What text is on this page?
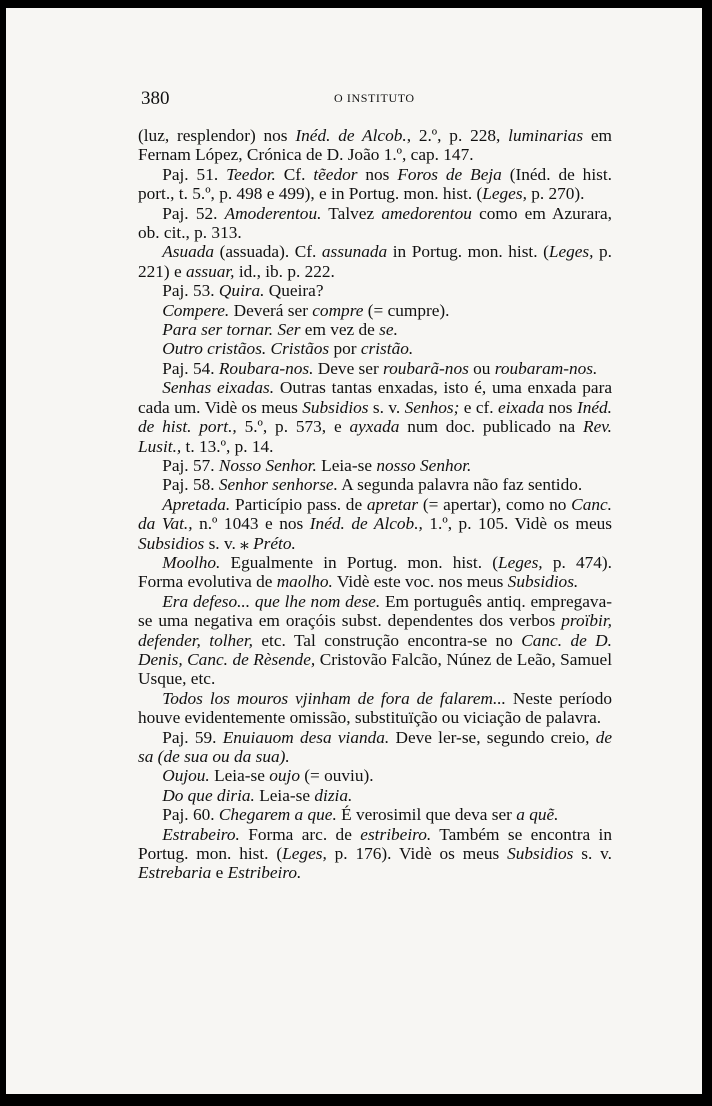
380	O INSTITUTO

(luz, resplendor) nos Inéd. de Alcob., 2.º, p. 228, luminarias em Fernam López, Crónica de D. João 1.º, cap. 147.

Paj. 51. Teedor. Cf. tẽedor nos Foros de Beja (Inéd. de hist. port., t. 5.º, p. 498 e 499), e in Portug. mon. hist. (Leges, p. 270).

Paj. 52. Amoderentou. Talvez amedorentou como em Azurara, ob. cit., p. 313.

Asuada (assuada). Cf. assunada in Portug. mon. hist. (Leges, p. 221) e assuar, id., ib. p. 222.

Paj. 53. Quira. Queira?

Compere. Deverá ser compre (= cumpre).

Para ser tornar. Ser em vez de se.

Outro cristãos. Cristãos por cristão.

Paj. 54. Roubara-nos. Deve ser roubarã-nos ou roubaram-nos.

Senhas eixadas. Outras tantas enxadas, isto é, uma enxada para cada um. Vidè os meus Subsidios s. v. Senhos; e cf. eixada nos Inéd. de hist. port., 5.º, p. 573, e ayxada num doc. publicado na Rev. Lusit., t. 13.º, p. 14.

Paj. 57. Nosso Senhor. Leia-se nosso Senhor.

Paj. 58. Senhor senhorse. A segunda palavra não faz sentido.

Apretada. Particípio pass. de apretar (= apertar), como no Canc. da Vat., n.º 1043 e nos Inéd. de Alcob., 1.º, p. 105. Vidè os meus Subsidios s. v. ⁎ Préto.

Moolho. Egualmente in Portug. mon. hist. (Leges, p. 474). Forma evolutiva de maolho. Vidè este voc. nos meus Subsidios.

Era defeso... que lhe nom dese. Em português antiq. empregava-se uma negativa em oraçóis subst. dependentes dos verbos proïbir, defender, tolher, etc. Tal construção encontra-se no Canc. de D. Denis, Canc. de Rèsende, Cristovão Falcão, Núnez de Leão, Samuel Usque, etc.

Todos los mouros vjinham de fora de falarem... Neste período houve evidentemente omissão, substituïção ou viciação de palavra.

Paj. 59. Enuiauom desa vianda. Deve ler-se, segundo creio, de sa (de sua ou da sua).

Oujou. Leia-se oujo (= ouviu).

Do que diria. Leia-se dizia.

Paj. 60. Chegarem a que. É verosimil que deva ser a quẽ.

Estrabeiro. Forma arc. de estribeiro. Também se encontra in Portug. mon. hist. (Leges, p. 176). Vidè os meus Subsidios s. v. Estrebaria e Estribeiro.
